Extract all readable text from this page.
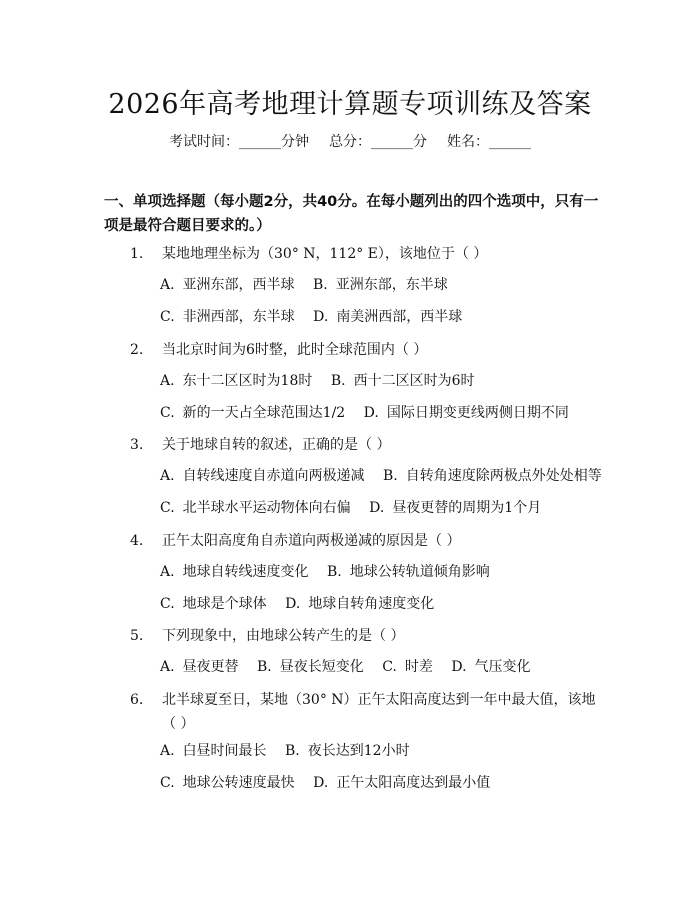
2026年高考地理计算题专项训练及答案
考试时间：______分钟 总分：______分 姓名：______
一、单项选择题（每小题2分，共40分。在每小题列出的四个选项中，只有一项是最符合题目要求的。）
1. 某地地理坐标为（30° N，112° E），该地位于（ ）
A. 亚洲东部，西半球 B. 亚洲东部，东半球
C. 非洲西部，东半球 D. 南美洲西部，西半球
2. 当北京时间为6时整，此时全球范围内（ ）
A. 东十二区区时为18时 B. 西十二区区时为6时
C. 新的一天占全球范围达1/2 D. 国际日期变更线两侧日期不同
3. 关于地球自转的叙述，正确的是（ ）
A. 自转线速度自赤道向两极递减 B. 自转角速度除两极点外处处相等
C. 北半球水平运动物体向右偏 D. 昼夜更替的周期为1个月
4. 正午太阳高度角自赤道向两极递减的原因是（ ）
A. 地球自转线速度变化 B. 地球公转轨道倾角影响
C. 地球是个球体 D. 地球自转角速度变化
5. 下列现象中，由地球公转产生的是（ ）
A. 昼夜更替 B. 昼夜长短变化 C. 时差 D. 气压变化
6. 北半球夏至日，某地（30° N）正午太阳高度达到一年中最大值，该地（ ）
A. 白昼时间最长 B. 夜长达到12小时
C. 地球公转速度最快 D. 正午太阳高度达到最小值
